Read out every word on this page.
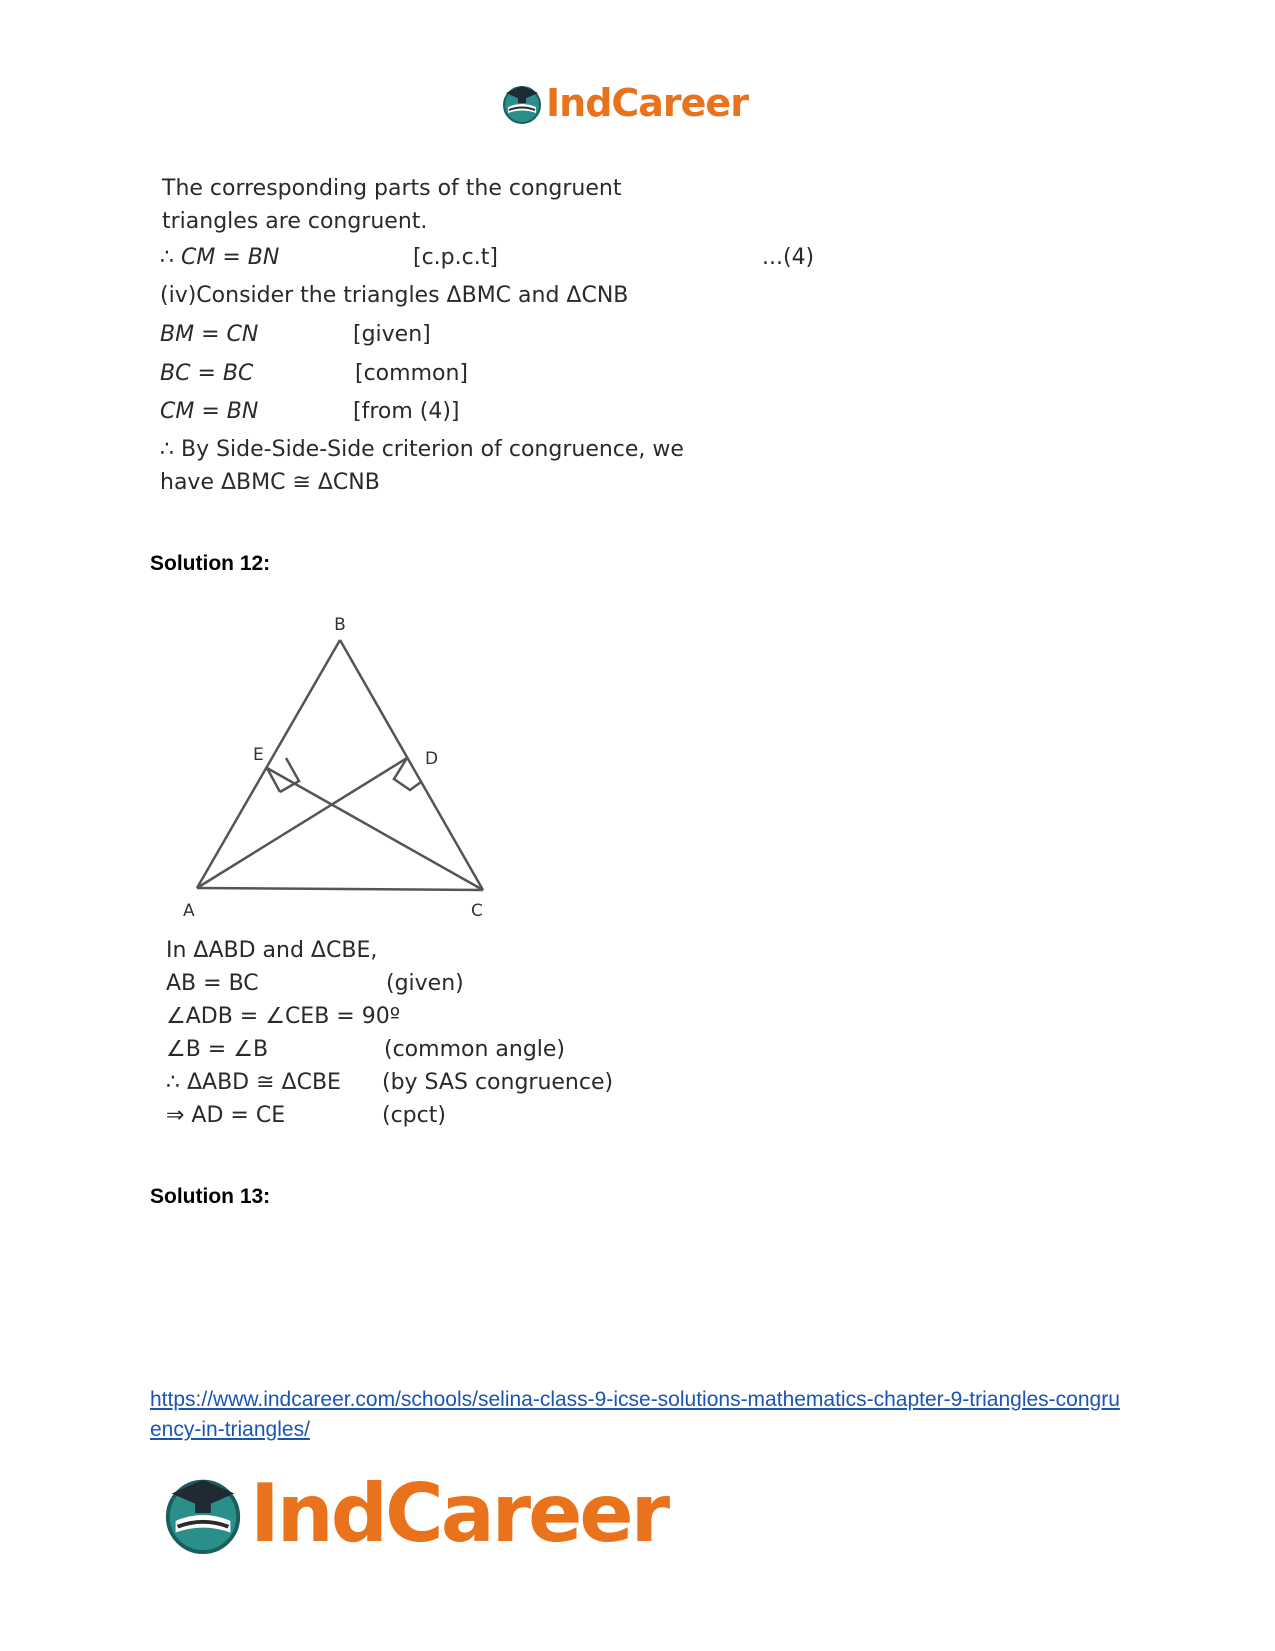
IndCareer
The corresponding parts of the congruent
triangles are congruent.
∴ CM = BN	[c.p.c.t]	...(4)
(iv)Consider the triangles ΔBMC and ΔCNB
BM = CN	[given]
BC = BC	[common]
CM = BN	[from (4)]
∴ By Side-Side-Side criterion of congruence, we
have ΔBMC ≅ ΔCNB
Solution 12:
B
E	D
A	C
In ΔABD and ΔCBE,
AB = BC	(given)
∠ADB = ∠CEB = 90º
∠B = ∠B	(common angle)
∴ ΔABD ≅ ΔCBE (by SAS congruence)
⇒ AD = CE	(cpct)
Solution 13:
https://www.indcareer.com/schools/selina-class-9-icse-solutions-mathematics-chapter-9-triangles-congruency-in-triangles/
IndCareer
